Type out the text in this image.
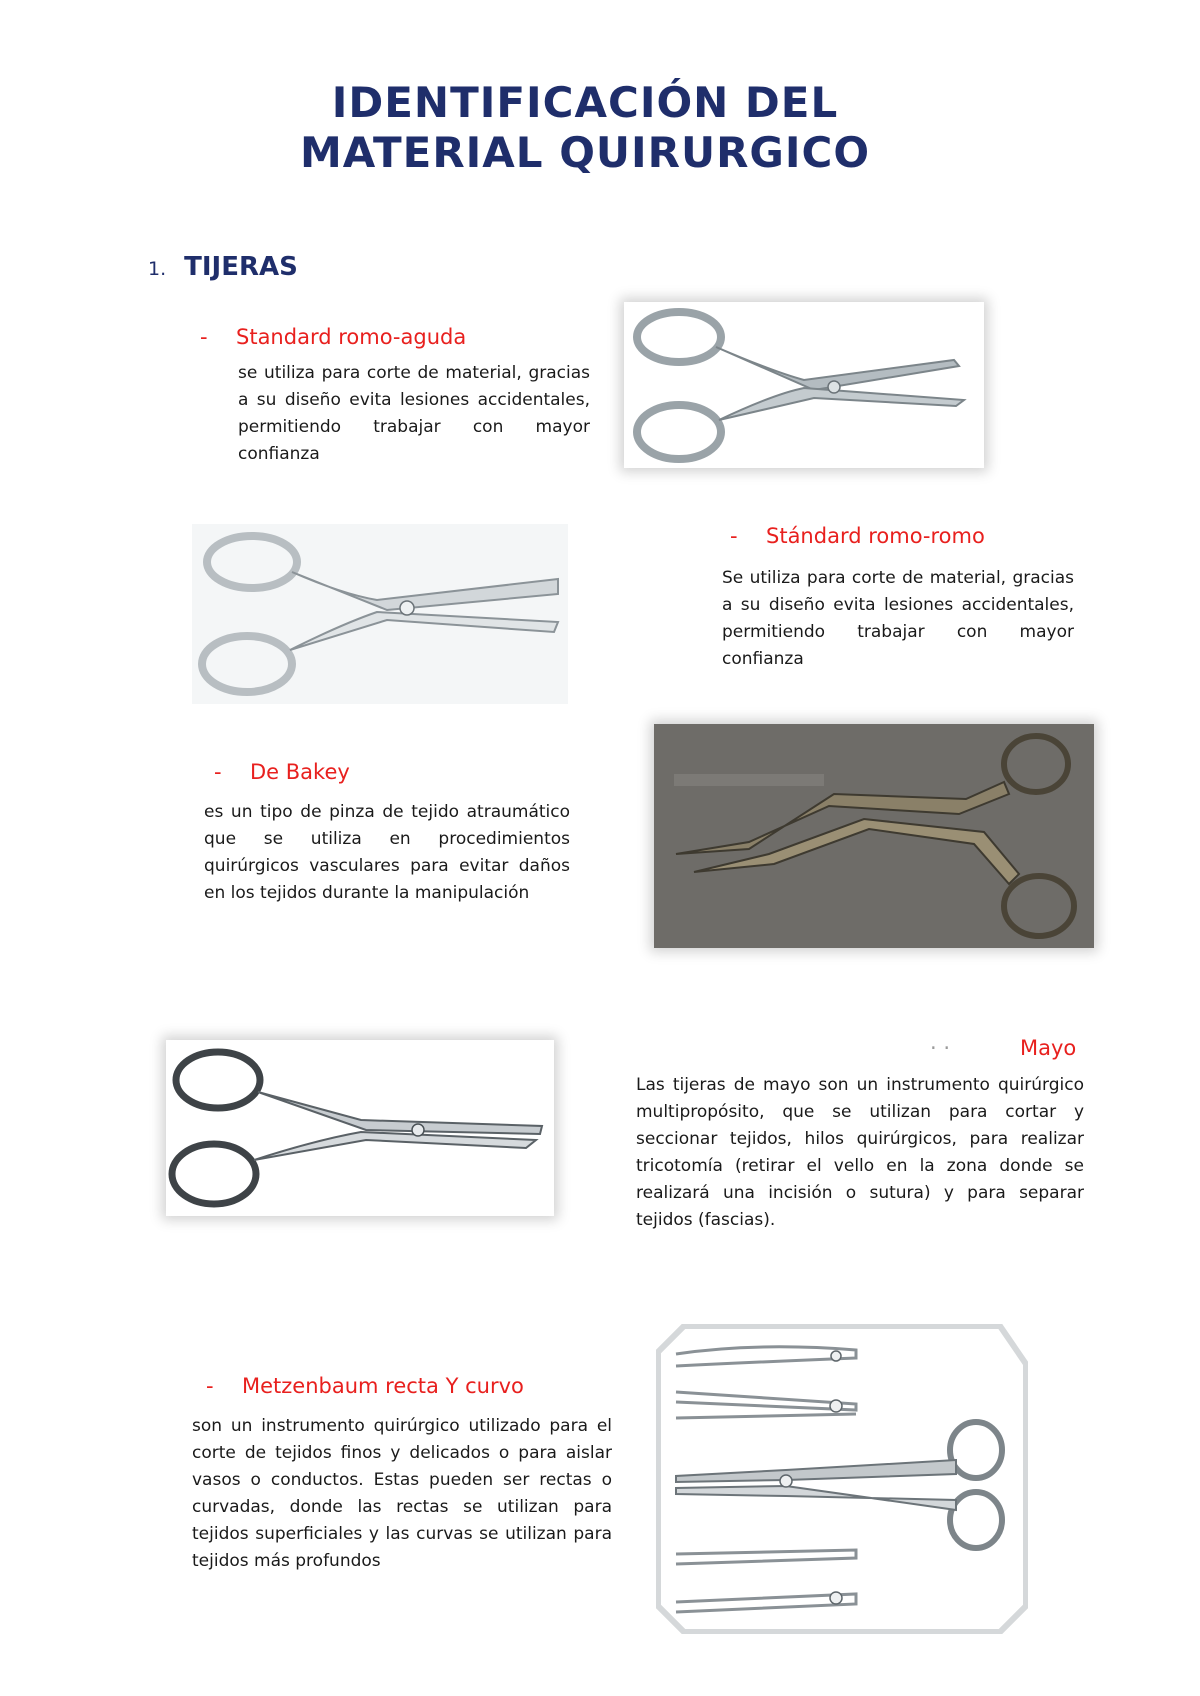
IDENTIFICACIÓN DEL
MATERIAL QUIRURGICO
1. TIJERAS
- Standard romo-aguda
se utiliza para corte de material, gracias a su diseño evita lesiones accidentales, permitiendo trabajar con mayor confianza
- Stándard romo-romo
Se utiliza para corte de material, gracias a su diseño evita lesiones accidentales, permitiendo trabajar con mayor confianza
- De Bakey
es un tipo de pinza de tejido atraumático que se utiliza en procedimientos quirúrgicos vasculares para evitar daños en los tejidos durante la manipulación
· ·	Mayo
Las tijeras de mayo son un instrumento quirúrgico multipropósito, que se utilizan para cortar y seccionar tejidos, hilos quirúrgicos, para realizar tricotomía (retirar el vello en la zona donde se realizará una incisión o sutura) y para separar tejidos (fascias).
- Metzenbaum recta Y curvo
son un instrumento quirúrgico utilizado para el corte de tejidos finos y delicados o para aislar vasos o conductos. Estas pueden ser rectas o curvadas, donde las rectas se utilizan para tejidos superficiales y las curvas se utilizan para tejidos más profundos
